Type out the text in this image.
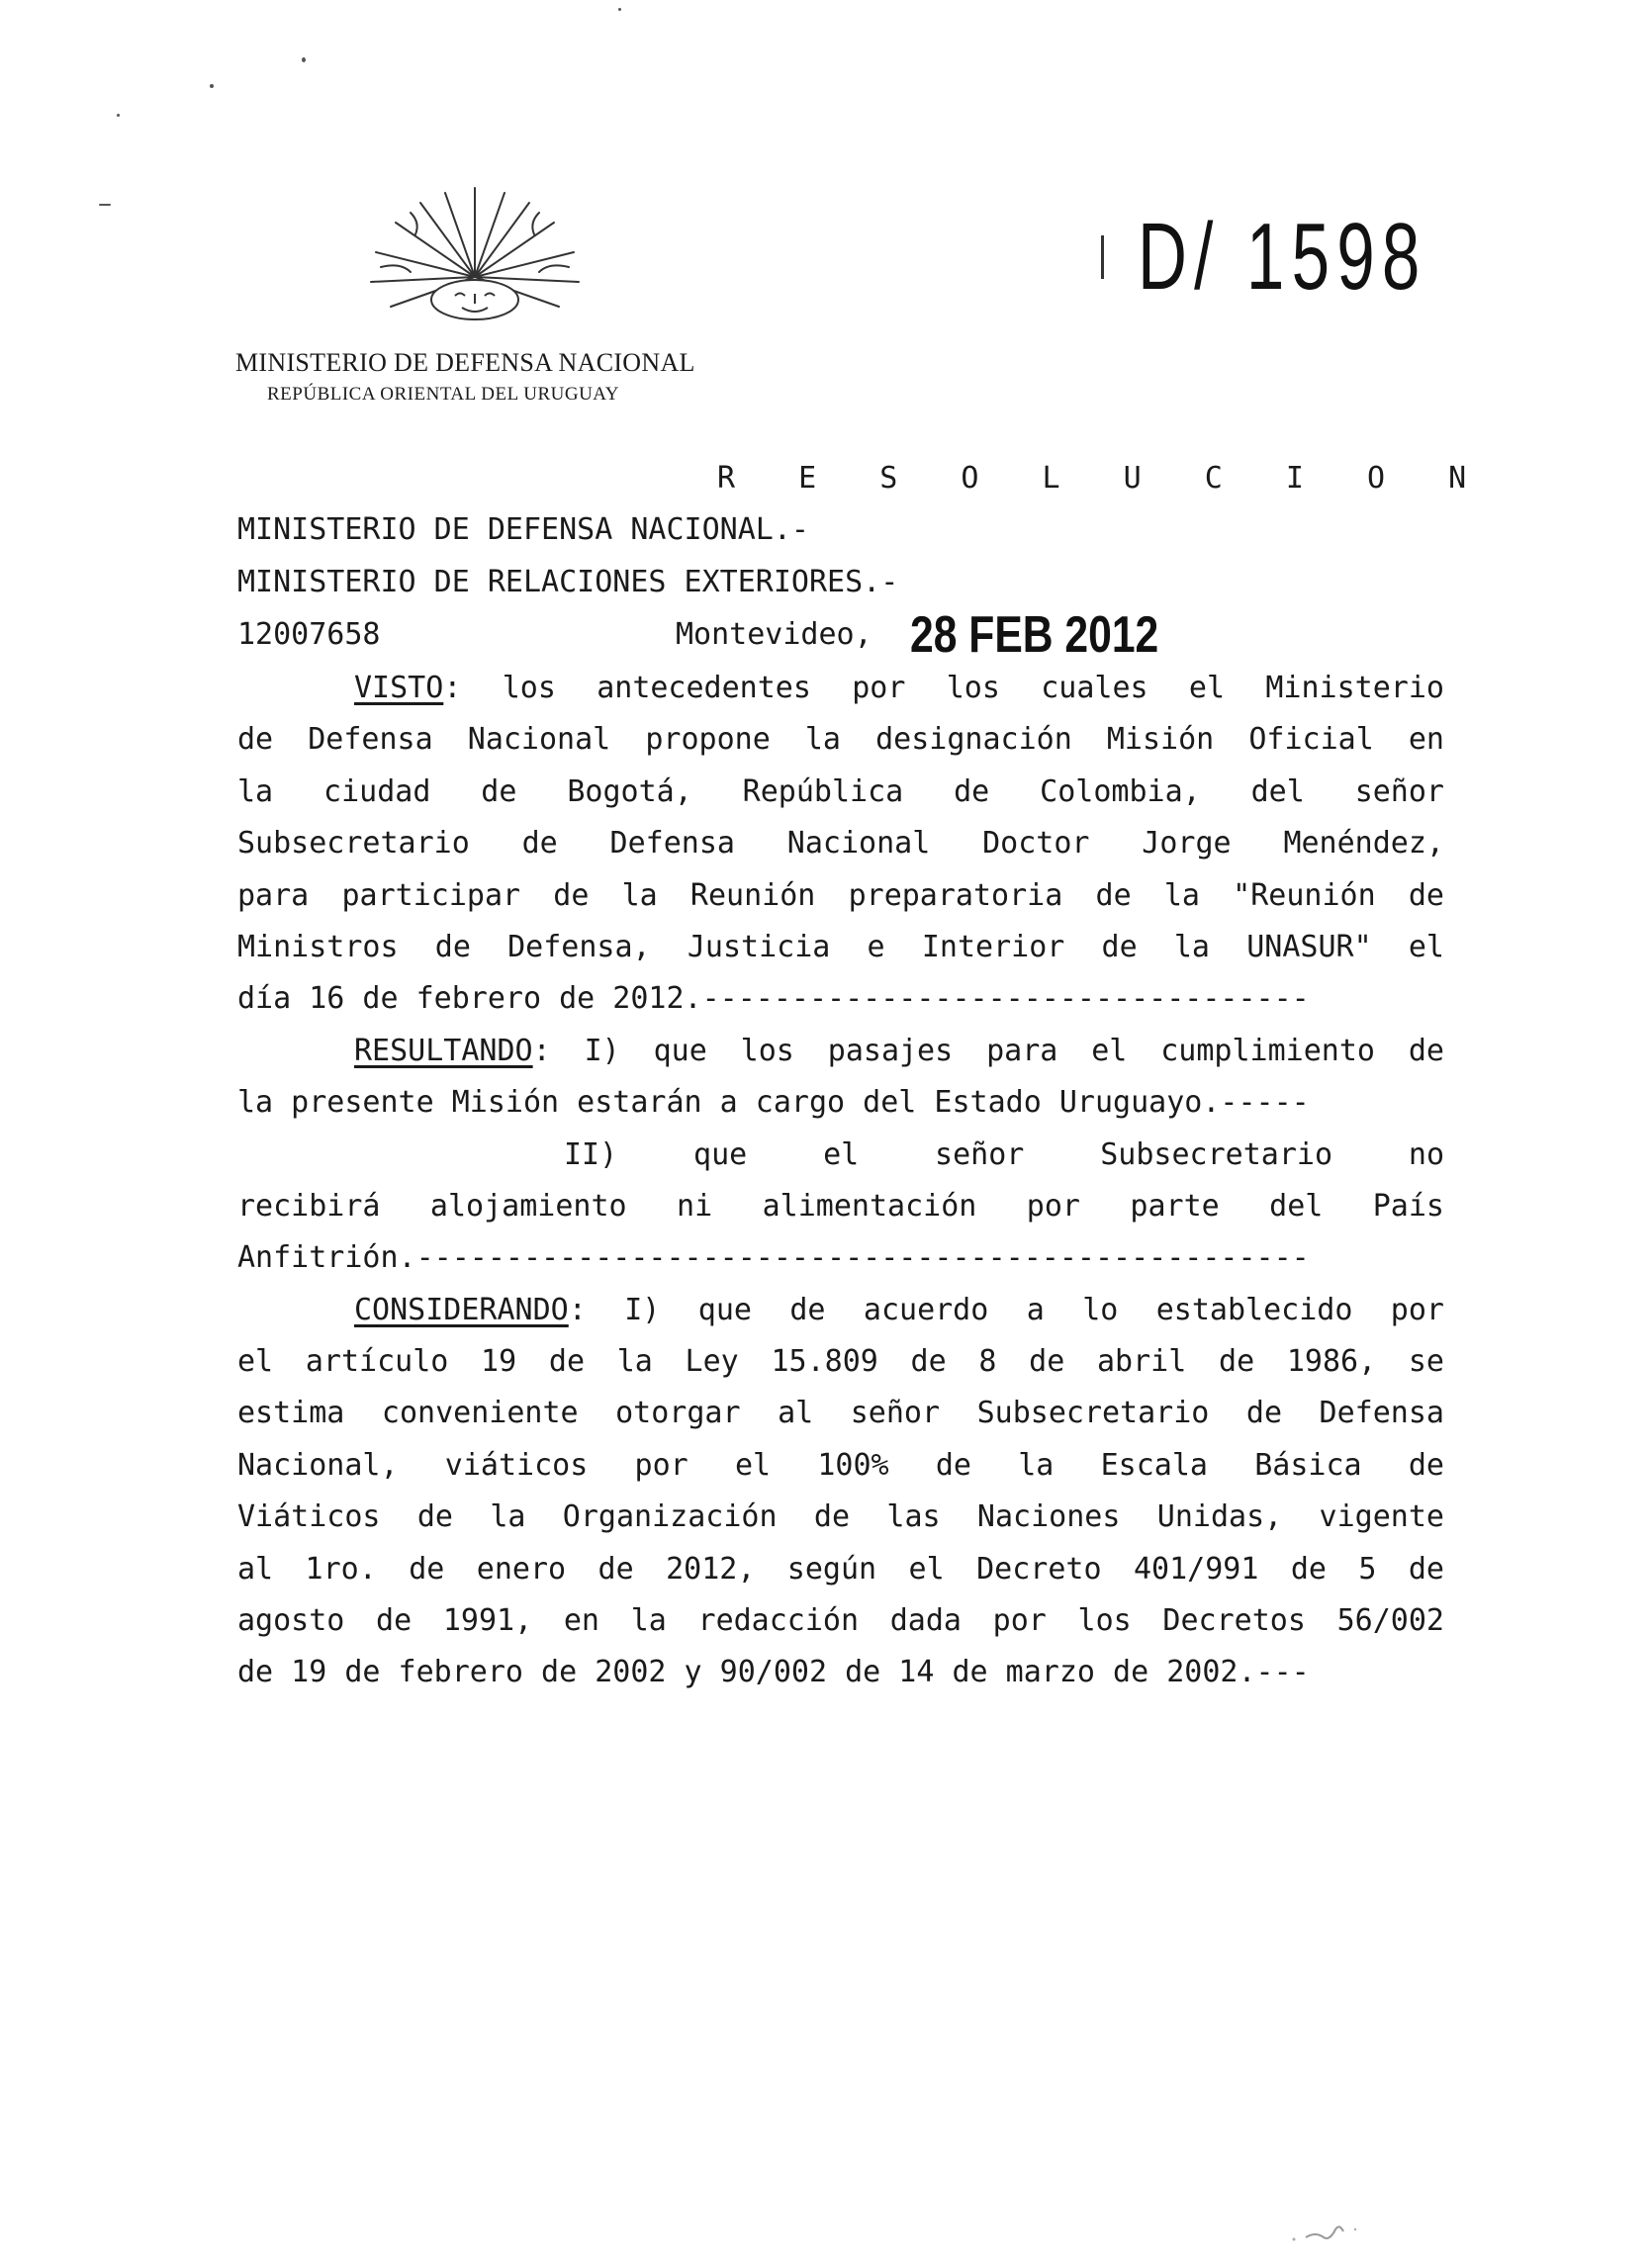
MINISTERIO DE DEFENSA NACIONAL
REPÚBLICA ORIENTAL DEL URUGUAY
D/ 1598
R E S O L U C I O N
MINISTERIO DE DEFENSA NACIONAL.-
MINISTERIO DE RELACIONES EXTERIORES.-
12007658	Montevideo, 28 FEB 2012
VISTO: los antecedentes por los cuales el Ministerio
de Defensa Nacional propone la designación Misión Oficial en
la ciudad de Bogotá, República de Colombia, del señor
Subsecretario de Defensa Nacional Doctor Jorge Menéndez,
para participar de la Reunión preparatoria de la "Reunión de
Ministros de Defensa, Justicia e Interior de la UNASUR" el
día 16 de febrero de 2012.----------------------------------
RESULTANDO: I) que los pasajes para el cumplimiento de
la presente Misión estarán a cargo del Estado Uruguayo.-----
II) que el señor Subsecretario no
recibirá alojamiento ni alimentación por parte del País
Anfitrión.--------------------------------------------------
CONSIDERANDO: I) que de acuerdo a lo establecido por
el artículo 19 de la Ley 15.809 de 8 de abril de 1986, se
estima conveniente otorgar al señor Subsecretario de Defensa
Nacional, viáticos por el 100% de la Escala Básica de
Viáticos de la Organización de las Naciones Unidas, vigente
al 1ro. de enero de 2012, según el Decreto 401/991 de 5 de
agosto de 1991, en la redacción dada por los Decretos 56/002
de 19 de febrero de 2002 y 90/002 de 14 de marzo de 2002.---
